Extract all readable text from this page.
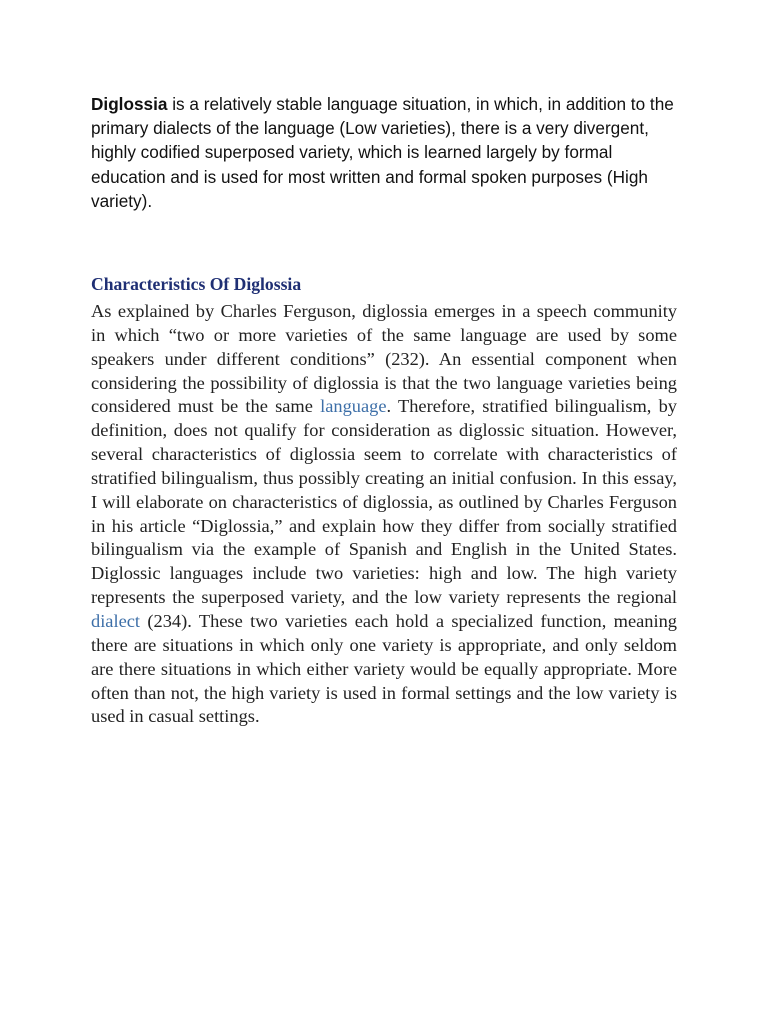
Diglossia is a relatively stable language situation, in which, in addition to the primary dialects of the language (Low varieties), there is a very divergent, highly codified superposed variety, which is learned largely by formal education and is used for most written and formal spoken purposes (High variety).

Characteristics Of Diglossia

As explained by Charles Ferguson, diglossia emerges in a speech community in which “two or more varieties of the same language are used by some speakers under different conditions” (232). An essential component when considering the possibility of diglossia is that the two language varieties being considered must be the same language. Therefore, stratified bilingualism, by definition, does not qualify for consideration as diglossic situation. However, several characteristics of diglossia seem to correlate with characteristics of stratified bilingualism, thus possibly creating an initial confusion. In this essay, I will elaborate on characteristics of diglossia, as outlined by Charles Ferguson in his article “Diglossia,” and explain how they differ from socially stratified bilingualism via the example of Spanish and English in the United States. Diglossic languages include two varieties: high and low. The high variety represents the superposed variety, and the low variety represents the regional dialect (234). These two varieties each hold a specialized function, meaning there are situations in which only one variety is appropriate, and only seldom are there situations in which either variety would be equally appropriate. More often than not, the high variety is used in formal settings and the low variety is used in casual settings.
